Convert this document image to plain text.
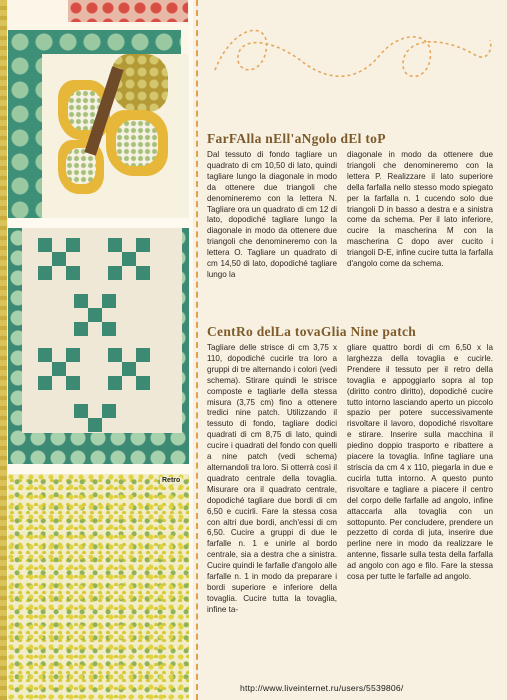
Retro
FarFAlla nEll'aNgolo dEl toP

Dal tessuto di fondo tagliare un quadrato di cm 10,50 di lato, quindi tagliare lungo la diagonale in modo da ottenere due triangoli che denomineremo con la lettera N. Tagliare ora un quadrato di cm 12 di lato, dopodiché tagliare lungo la diagonale in modo da ottenere due triangoli che denomineremo con la lettera O. Tagliare un quadrato di cm 14,50 di lato, dopodiché tagliare lungo la

diagonale in modo da ottenere due triangoli che denomineremo con la lettera P. Realizzare il lato superiore della farfalla nello stesso modo spiegato per la farfalla n. 1 cucendo solo due triangoli D in basso a destra e a sinistra come da schema. Per il lato inferiore, cucire la mascherina M con la mascherina C dopo aver cucito i triangoli D-E, infine cucire tutta la farfalla d'angolo come da schema.

CentRo delLa tovaGlia Nine patch

Tagliare delle strisce di cm 3,75 x 110, dopodiché cucirle tra loro a gruppi di tre alternando i colori (vedi schema). Stirare quindi le strisce composte e tagliarle della stessa misura (3,75 cm) fino a ottenere tredici nine patch. Utilizzando il tessuto di fondo, tagliare dodici quadrati di cm 8,75 di lato, quindi cucire i quadrati del fondo con quelli a nine patch (vedi schema) alternandoli tra loro. Si otterrà così il quadrato centrale della tovaglia. Misurare ora il quadrato centrale, dopodiché tagliare due bordi di cm 6,50 e cucirli. Fare la stessa cosa con altri due bordi, anch'essi di cm 6,50. Cucire a gruppi di due le farfalle n. 1 e unirle al bordo centrale, sia a destra che a sinistra. Cucire quindi le farfalle d'angolo alle farfalle n. 1 in modo da preparare i bordi superiore e inferiore della tovaglia. Cucire tutta la tovaglia, infine ta-

gliare quattro bordi di cm 6,50 x la larghezza della tovaglia e cucirle. Prendere il tessuto per il retro della tovaglia e appoggiarlo sopra al top (diritto contro diritto), dopodiché cucire tutto intorno lasciando aperto un piccolo spazio per potere successivamente risvoltare il lavoro, dopodiché risvoltare e stirare. Inserire sulla macchina il piedino doppio trasporto e ribattere a piacere la tovaglia. Infine tagliare una striscia da cm 4 x 110, piegarla in due e cucirla tutta intorno. A questo punto risvoltare e tagliare a piacere il centro del corpo delle farfalle ad angolo, infine attaccarla alla tovaglia con un sottopunto. Per concludere, prendere un pezzetto di corda di juta, inserire due perline nere in modo da realizzare le antenne, fissarle sulla testa della farfalla ad angolo con ago e filo. Fare la stessa cosa per tutte le farfalle ad angolo.

http://www.liveinternet.ru/users/5539806/
